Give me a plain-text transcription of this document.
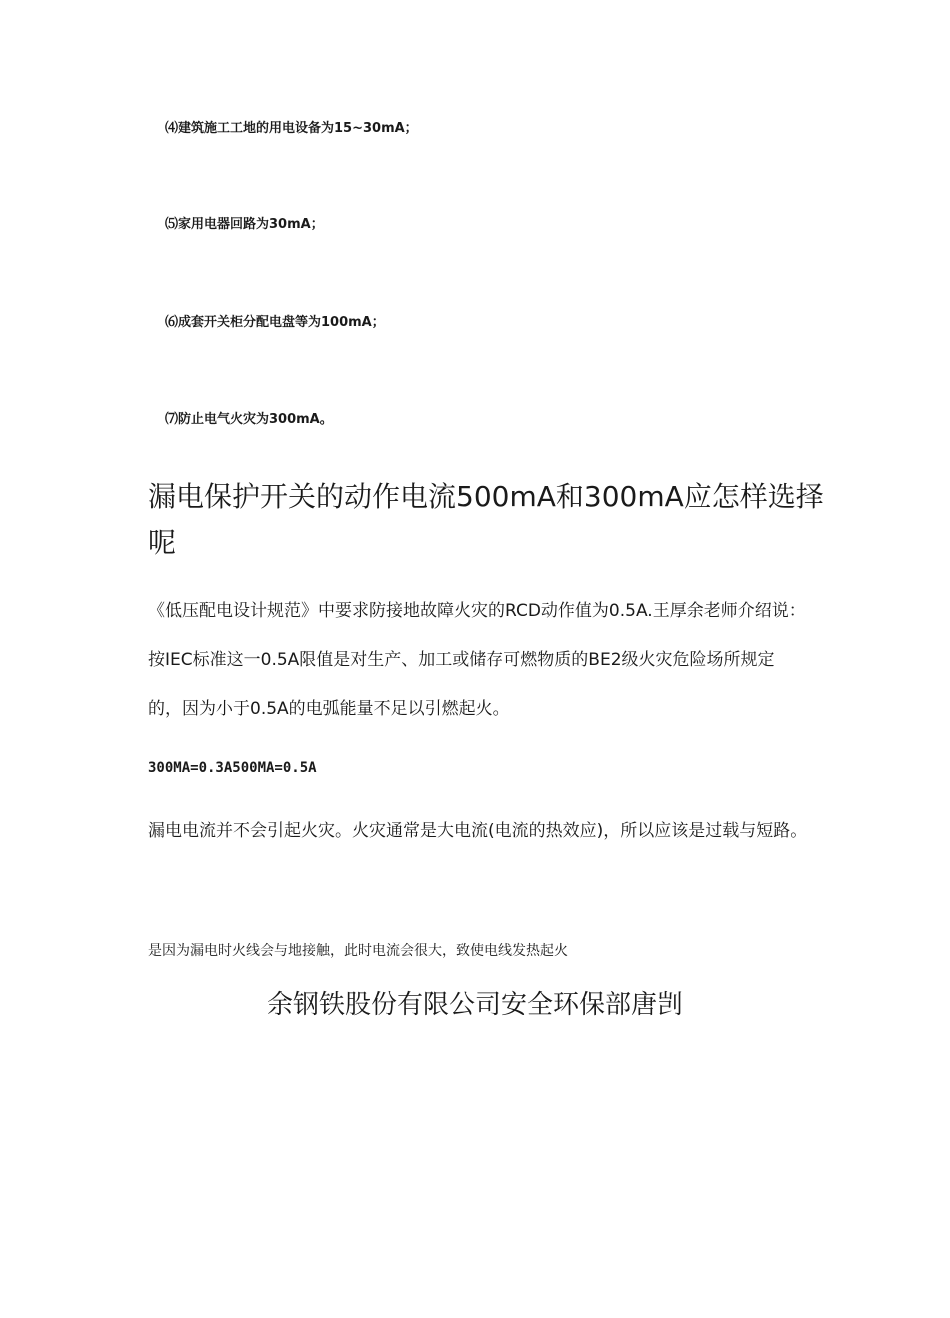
⑷建筑施工工地的用电设备为15~30mA；
⑸家用电器回路为30mA；
⑹成套开关柜分配电盘等为100mA；
⑺防止电气火灾为300mA。
漏电保护开关的动作电流500mA和300mA应怎样选择呢

《低压配电设计规范》中要求防接地故障火灾的RCD动作值为0.5A.王厚余老师介绍说：按IEC标准这一0.5A限值是对生产、加工或储存可燃物质的BE2级火灾危险场所规定的，因为小于0.5A的电弧能量不足以引燃起火。

300MA=0.3A500MA=0.5A

漏电电流并不会引起火灾。火灾通常是大电流(电流的热效应)，所以应该是过载与短路。

是因为漏电时火线会与地接触，此时电流会很大，致使电线发热起火

余钢铁股份有限公司安全环保部唐剀
